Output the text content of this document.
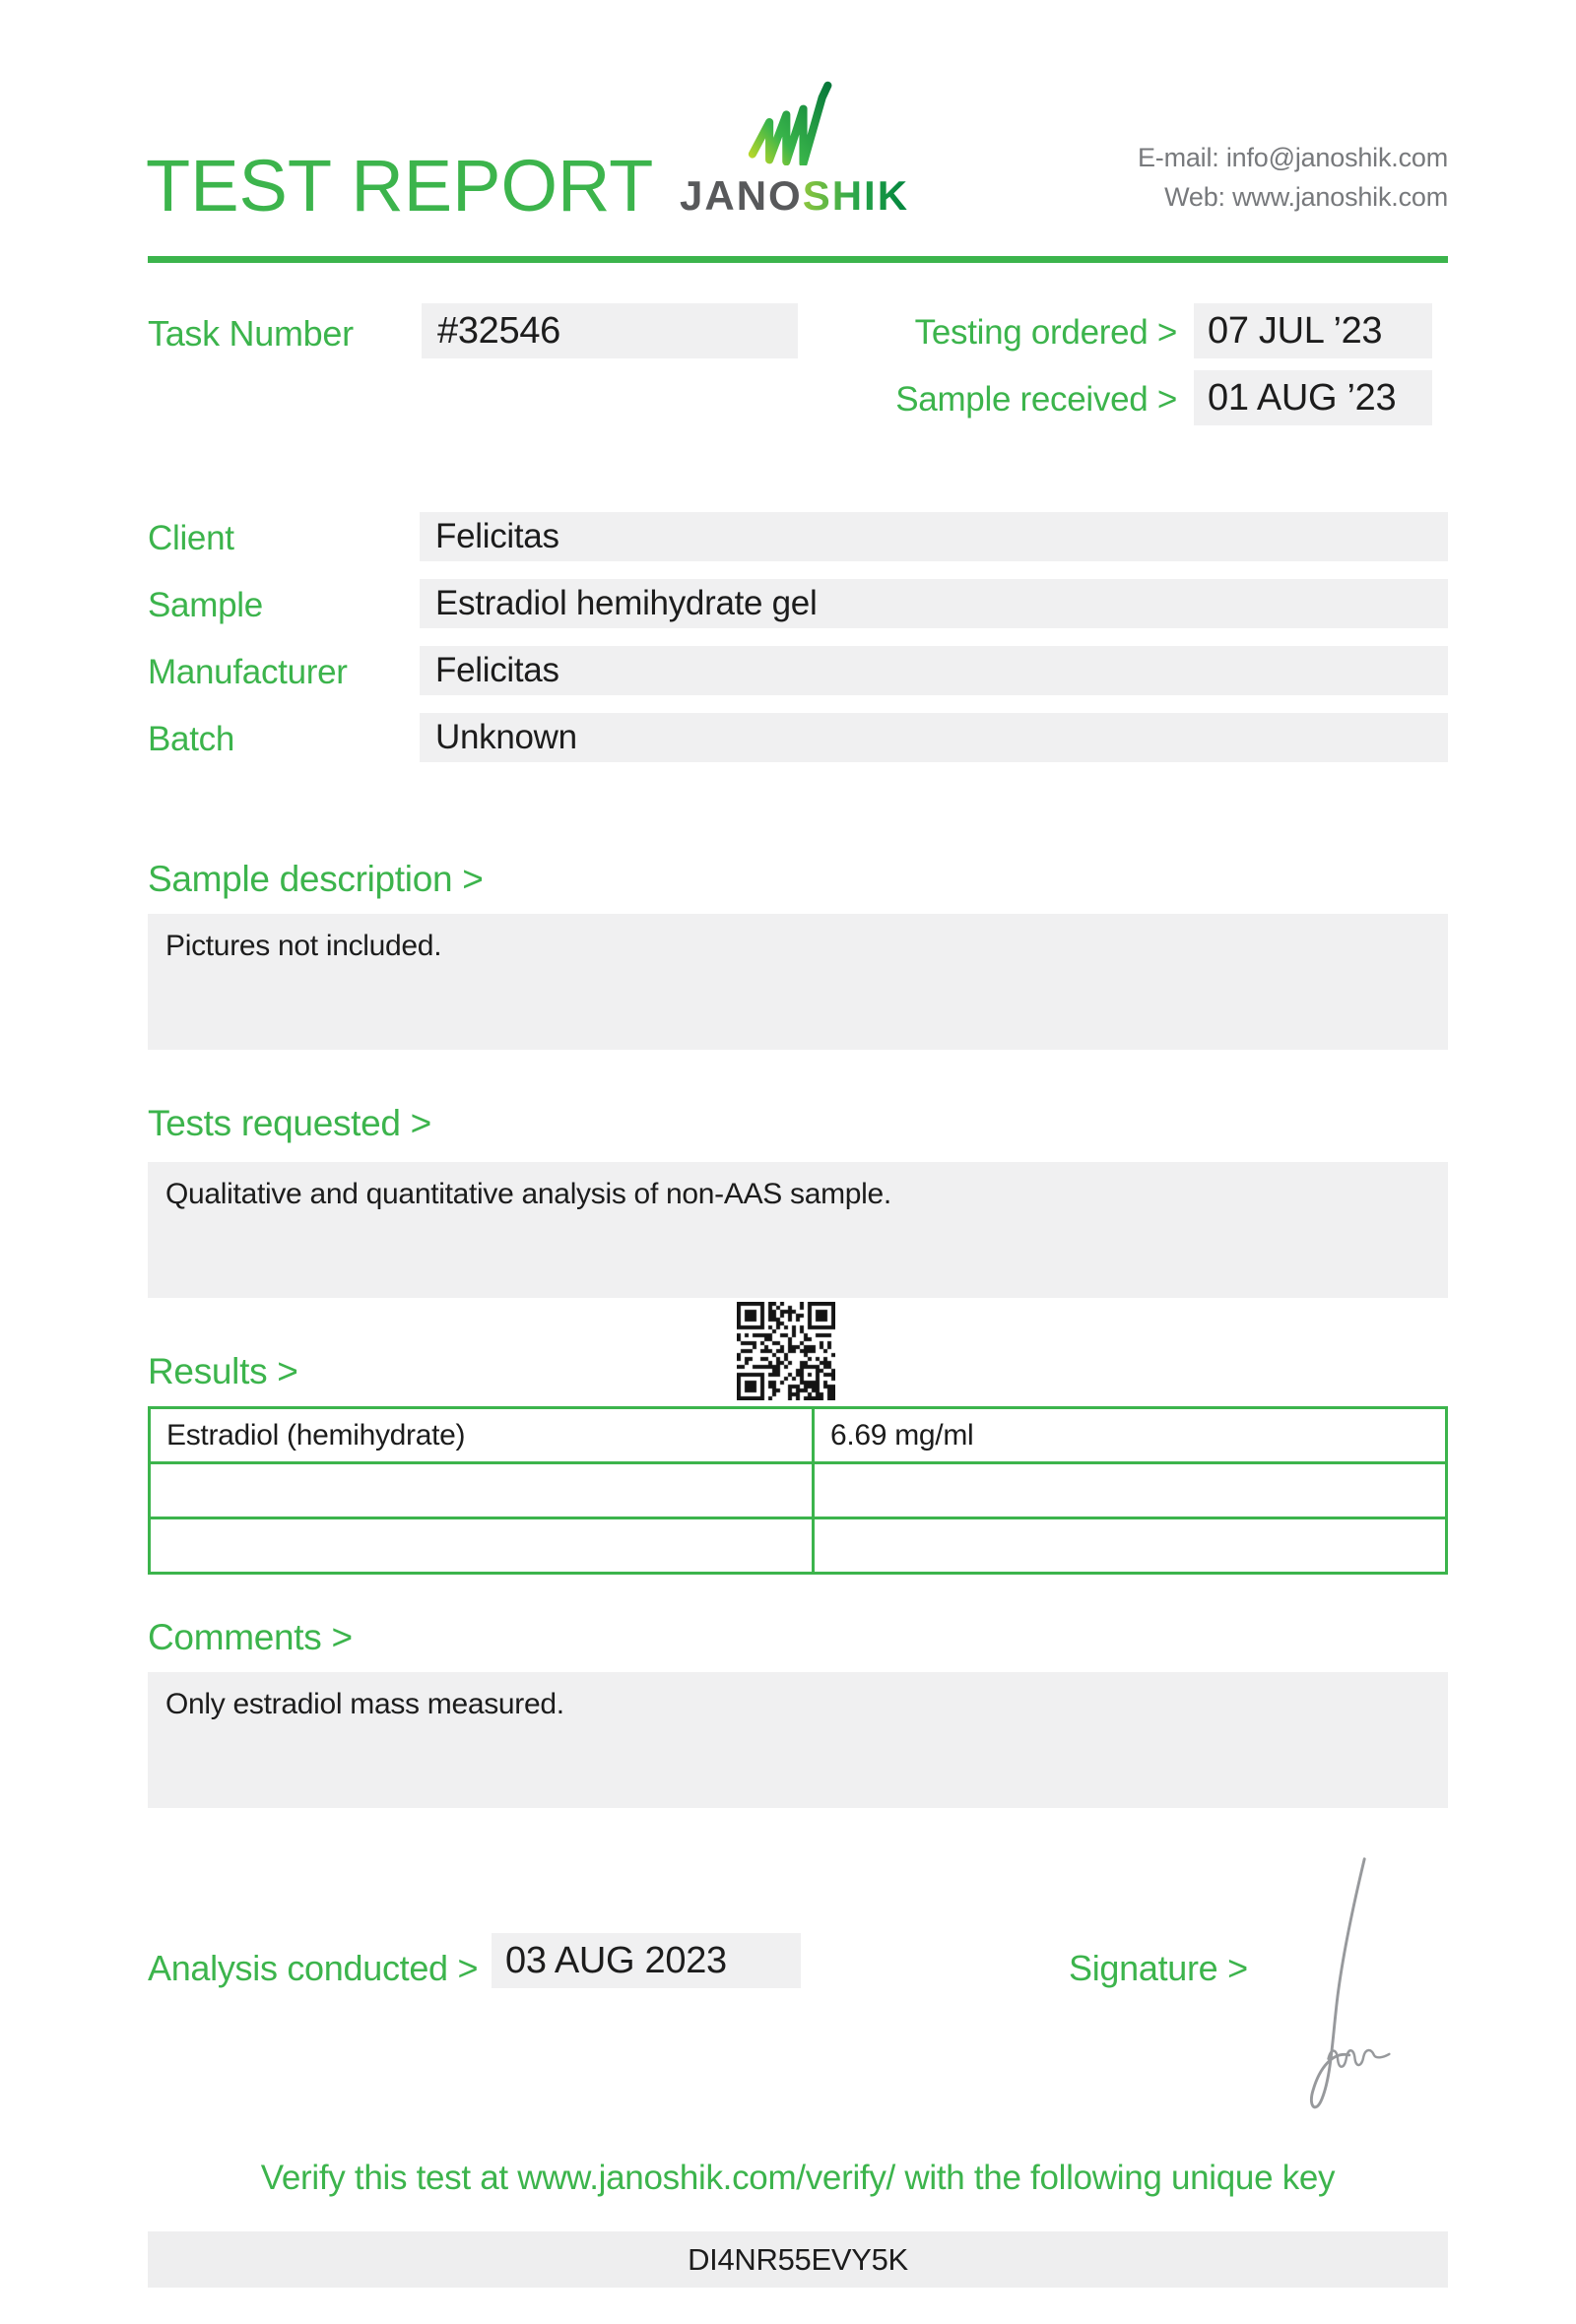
TEST REPORT JANOSHIK
E-mail: info@janoshik.com
Web: www.janoshik.com
Task Number	#32546	Testing ordered > 07 JUL ’23
Sample received > 01 AUG ’23
Client	Felicitas
Sample	Estradiol hemihydrate gel
Manufacturer	Felicitas
Batch	Unknown
Sample description >
Pictures not included.
Tests requested >
Qualitative and quantitative analysis of non-AAS sample.
Results >
Estradiol (hemihydrate)	6.69 mg/ml

Comments >
Only estradiol mass measured.
Analysis conducted > 03 AUG 2023	Signature >
Verify this test at www.janoshik.com/verify/ with the following unique key
DI4NR55EVY5K
